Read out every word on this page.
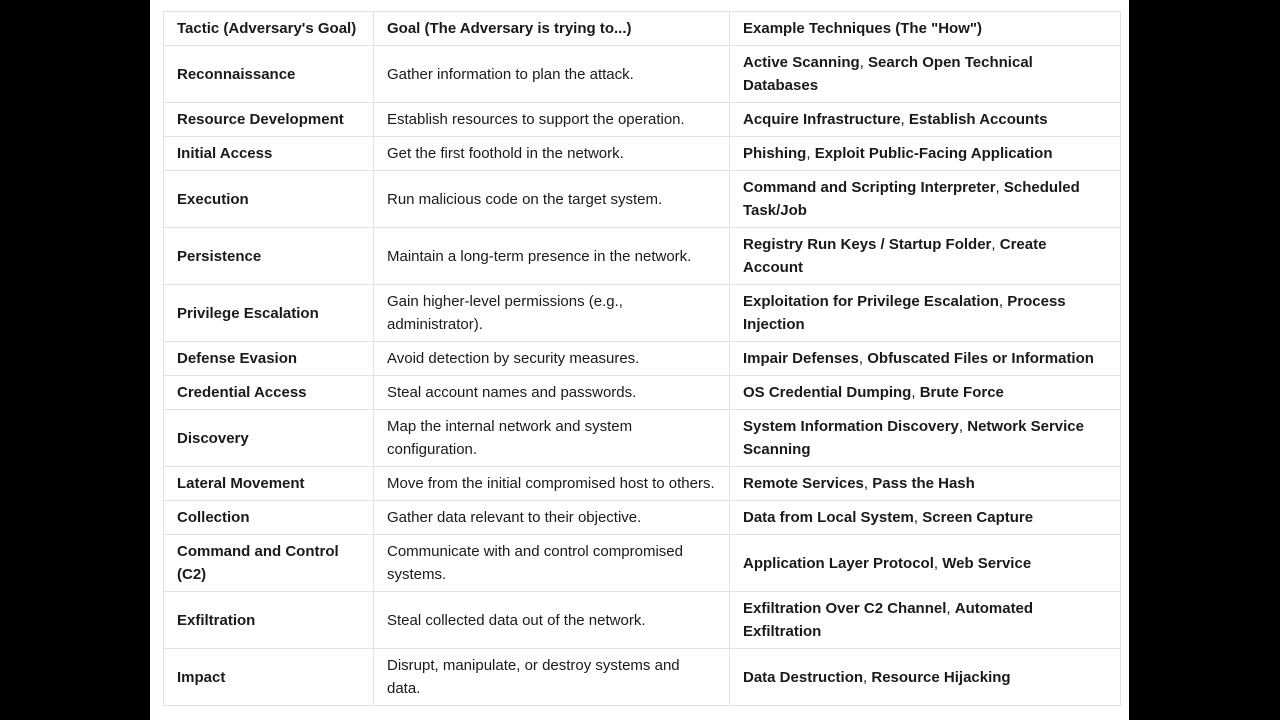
Tactic (Adversary's Goal)	Goal (The Adversary is trying to...)	Example Techniques (The "How")
Reconnaissance	Gather information to plan the attack.	Active Scanning, Search Open Technical Databases
Resource Development	Establish resources to support the operation.	Acquire Infrastructure, Establish Accounts
Initial Access	Get the first foothold in the network.	Phishing, Exploit Public-Facing Application
Execution	Run malicious code on the target system.	Command and Scripting Interpreter, Scheduled Task/Job
Persistence	Maintain a long-term presence in the network.	Registry Run Keys / Startup Folder, Create Account
Privilege Escalation	Gain higher-level permissions (e.g., administrator).	Exploitation for Privilege Escalation, Process Injection
Defense Evasion	Avoid detection by security measures.	Impair Defenses, Obfuscated Files or Information
Credential Access	Steal account names and passwords.	OS Credential Dumping, Brute Force
Discovery	Map the internal network and system configuration.	System Information Discovery, Network Service Scanning
Lateral Movement	Move from the initial compromised host to others.	Remote Services, Pass the Hash
Collection	Gather data relevant to their objective.	Data from Local System, Screen Capture
Command and Control (C2)	Communicate with and control compromised systems.	Application Layer Protocol, Web Service
Exfiltration	Steal collected data out of the network.	Exfiltration Over C2 Channel, Automated Exfiltration
Impact	Disrupt, manipulate, or destroy systems and data.	Data Destruction, Resource Hijacking
